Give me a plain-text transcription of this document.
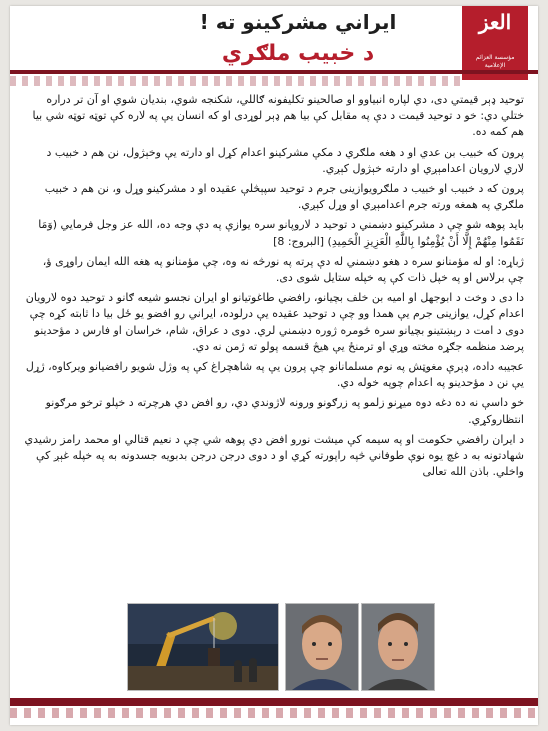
ايراني مشركينو ته !
د خبيب ملګري
العز
مؤسسة العزائم
الإعلامية

توحيد ډېر قيمتي دی، دي لپاره انبياوو او صالحينو تکليفونه ګاللي، شکنجه شوي، بنديان شوي او آن تر دراره ختلي دي: خو د توحيد قيمت د دې په مقابل کې بيا هم ډېر لوړدی او که انسان يې په لاره کې توټه توټه شي بيا هم کمه ده.

پرون که خبيب بن عدي او د هغه ملګري د مکې مشرکينو اعدام کړل او دارته يې وخېژول، نن هم د خبيب د لاري لارويان اعدامېږي او دارته خېژول کېږي.

پرون که د خبيب او خبيب د ملګرويوازينی جرم د توحيد سپېڅلې عقيده او د مشرکينو وړل و، نن هم د خبيب ملګري په همغه ورته جرم اعدامېږي او وړل کېږي.

بايد پوهه شو چې د مشرکينو دښمني د توحيد د لاروپانو سره يوازې په دې وجه ده، الله عز وجل فرمايي (وَمَا نَقَمُوا مِنْهُمْ إِلَّا أَنْ يُؤْمِنُوا بِاللَّهِ الْعَزِيزِ الْحَمِيدِ) [البروج: 8]

ژباړه: او له مؤمنانو سره د هغو دښمني له دې پرته په نورڅه نه وه، چې مؤمنانو په هغه الله ايمان راوړی ؤ، چې برلاس او په خپل ذات کې په خپله ستايل شوی دی.

دا دی د وخت د ابوجهل او اميه بن خلف بچيانو، رافضي طاغوتيانو او ايران نجسو شيعه ګانو د توحيد دوه لارويان اعدام کړل، يوازينی جرم يې همدا وو چې د توحيد عقيده يې درلوده، ايراني رو افضو يو ځل بيا دا ثابته کړه چې دوی د امت د رېښتينو بچيانو سره څومره ژوره دښمني لري. دوی د عراق، شام، خراسان او فارس د مؤحدينو پرضد منظمه جګړه مخته وړي او ترمنځ يې هيڅ قسمه پولو ته ژمن نه دي.

عجيبه داده، ډېرې مغوټش په نوم مسلمانانو چې پرون يې په شاهچراغ کې په وژل شويو رافضيانو ويرکاوه، ژړل يې نن د مؤحدينو په اعدام چوپه خوله دي.

خو داسې نه ده دغه دوه ميړنو زلمو په زرګونو ورونه لاژوندي دي، رو افض دي هرچرته د خپلو ترخو مرګونو انتظاروکړي.

د ايران رافضي حکومت او په سيمه کې ميشت نورو افض دي پوهه شي چې د نعيم قتالي او محمد رامز رشيدي شهادتونه به د غچ يوه نوې طوفاني څپه راپورته کړي او د دوی درجن درجن بدبويه جسدونه به په خپله غېږ کې واخلي. باذن الله تعالی
